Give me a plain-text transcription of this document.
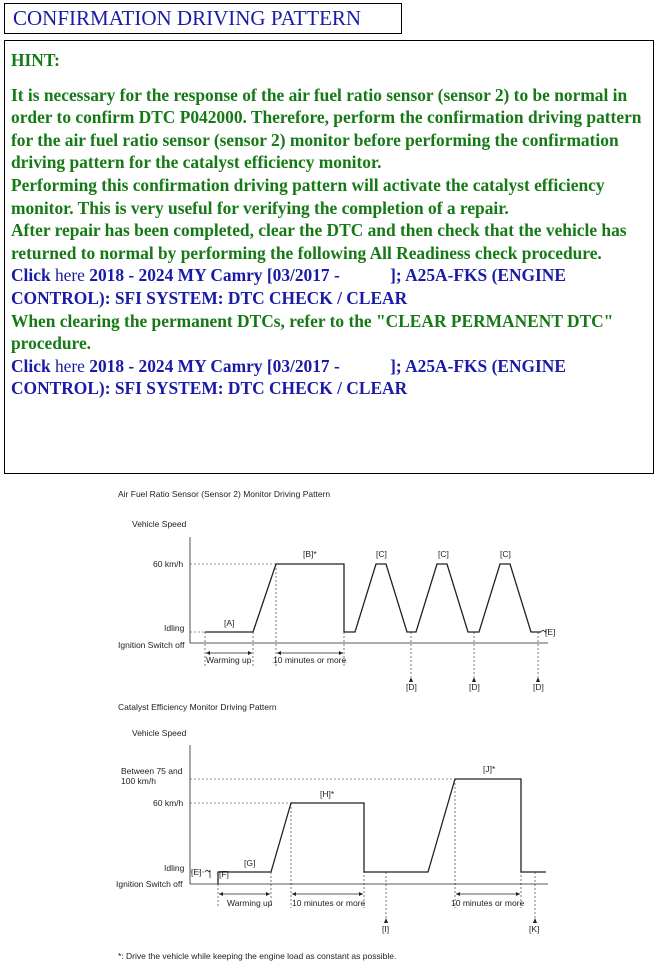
CONFIRMATION DRIVING PATTERN

HINT:

It is necessary for the response of the air fuel ratio sensor (sensor 2) to be normal in order to confirm DTC P042000. Therefore, perform the confirmation driving pattern for the air fuel ratio sensor (sensor 2) monitor before performing the confirmation driving pattern for the catalyst efficiency monitor.

Performing this confirmation driving pattern will activate the catalyst efficiency monitor. This is very useful for verifying the completion of a repair.

After repair has been completed, clear the DTC and then check that the vehicle has returned to normal by performing the following All Readiness check procedure.

Click here 2018 - 2024 MY Camry [03/2017 -	]; A25A-FKS (ENGINE CONTROL): SFI SYSTEM: DTC CHECK / CLEAR

When clearing the permanent DTCs, refer to the "CLEAR PERMANENT DTC" procedure.

Click here 2018 - 2024 MY Camry [03/2017 -	]; A25A-FKS (ENGINE CONTROL): SFI SYSTEM: DTC CHECK / CLEAR

Air Fuel Ratio Sensor (Sensor 2) Monitor Driving Pattern
Vehicle Speed
60 km/h
Idling
Ignition Switch off
[A]
[B]*	[C]	[C]	[C]
[E]
Warming up	10 minutes or more
[D]	[D]	[D]
Catalyst Efficiency Monitor Driving Pattern
Vehicle Speed
Between 75 and
100 km/h
60 km/h
Idling
Ignition Switch off
[E] [F]
[G]
[H]*
[J]*
Warming up 10 minutes or more	10 minutes or more
[I]	[K]
*: Drive the vehicle while keeping the engine load as constant as possible.
